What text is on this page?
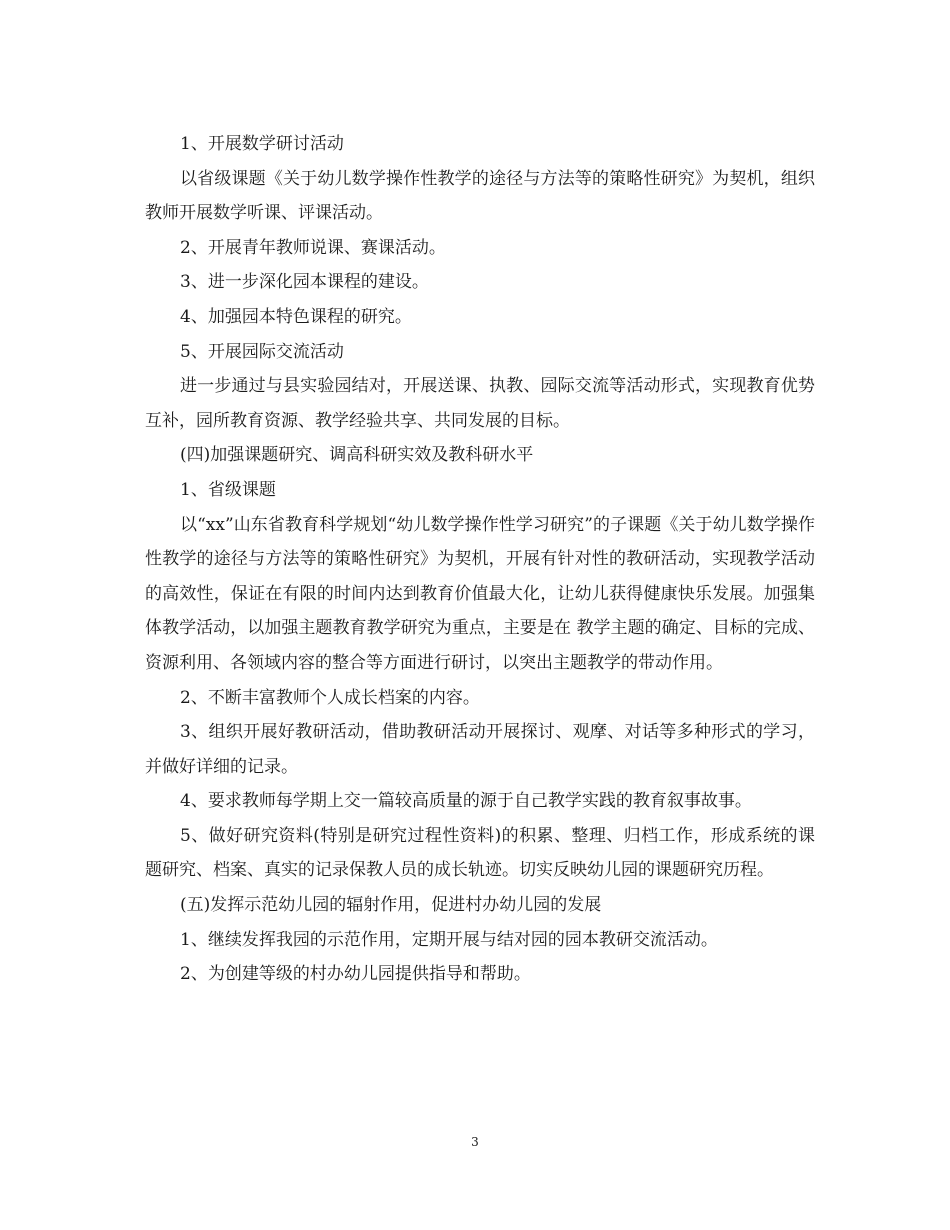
1、开展数学研讨活动

以省级课题《关于幼儿数学操作性教学的途径与方法等的策略性研究》为契机，组织教师开展数学听课、评课活动。

2、开展青年教师说课、赛课活动。

3、进一步深化园本课程的建设。

4、加强园本特色课程的研究。

5、开展园际交流活动

进一步通过与县实验园结对，开展送课、执教、园际交流等活动形式，实现教育优势互补，园所教育资源、教学经验共享、共同发展的目标。

(四)加强课题研究、调高科研实效及教科研水平

1、省级课题

以“xx”山东省教育科学规划“幼儿数学操作性学习研究”的子课题《关于幼儿数学操作性教学的途径与方法等的策略性研究》为契机，开展有针对性的教研活动，实现教学活动的高效性，保证在有限的时间内达到教育价值最大化，让幼儿获得健康快乐发展。加强集体教学活动，以加强主题教育教学研究为重点，主要是在 教学主题的确定、目标的完成、资源利用、各领域内容的整合等方面进行研讨，以突出主题教学的带动作用。

2、不断丰富教师个人成长档案的内容。

3、组织开展好教研活动，借助教研活动开展探讨、观摩、对话等多种形式的学习，并做好详细的记录。

4、要求教师每学期上交一篇较高质量的源于自己教学实践的教育叙事故事。

5、做好研究资料(特别是研究过程性资料)的积累、整理、归档工作，形成系统的课题研究、档案、真实的记录保教人员的成长轨迹。切实反映幼儿园的课题研究历程。

(五)发挥示范幼儿园的辐射作用，促进村办幼儿园的发展

1、继续发挥我园的示范作用，定期开展与结对园的园本教研交流活动。

2、为创建等级的村办幼儿园提供指导和帮助。

3
